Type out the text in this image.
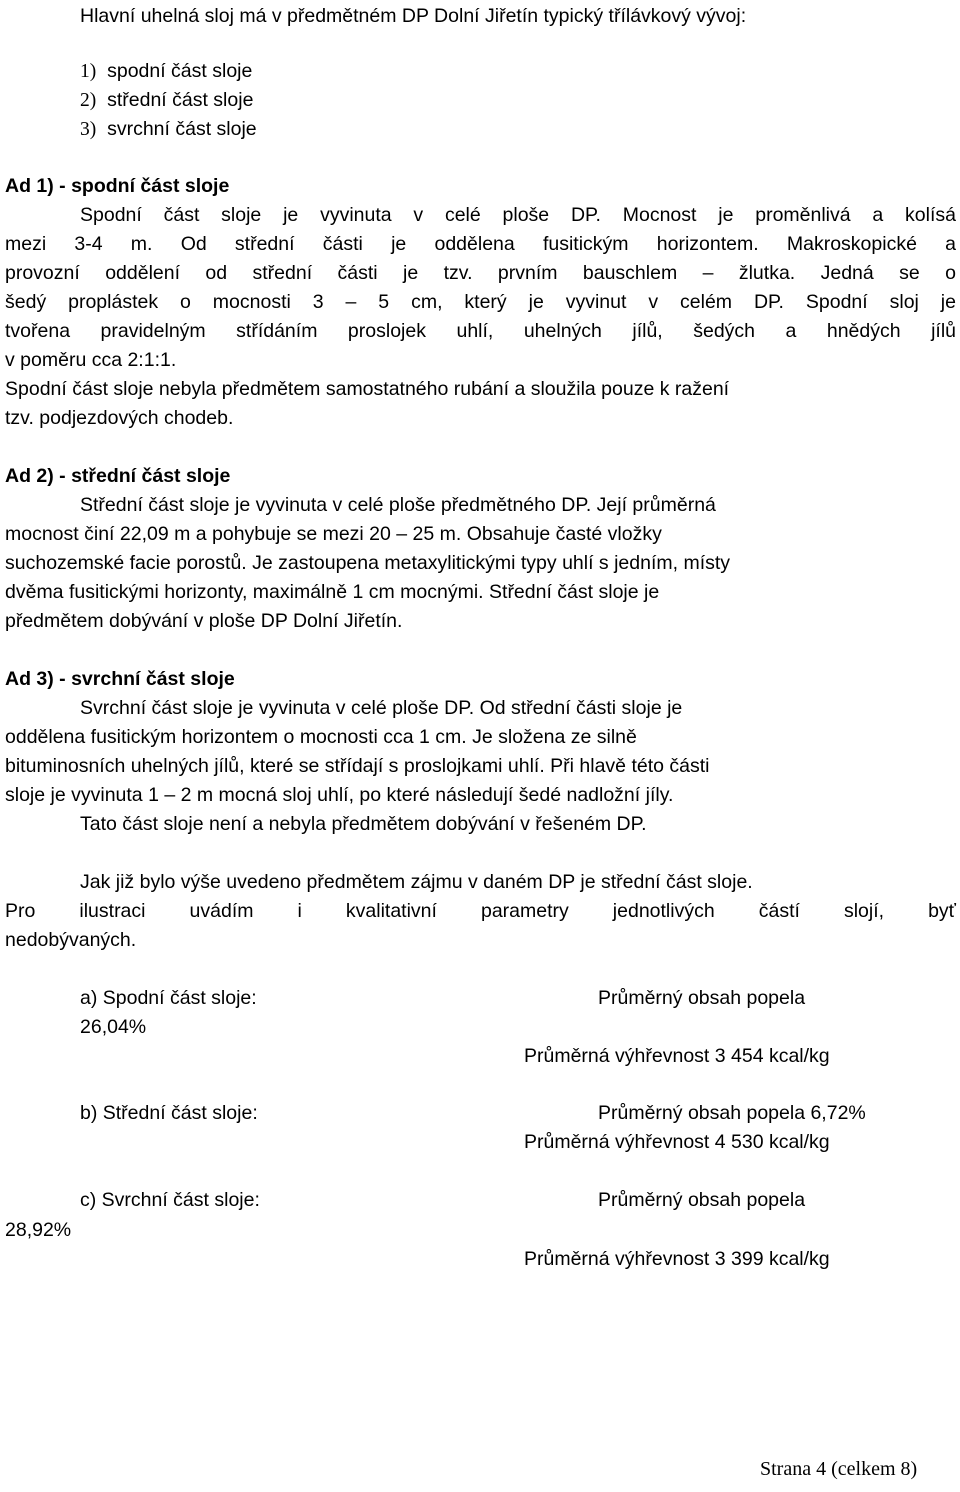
Hlavní uhelná sloj má v předmětném DP Dolní Jiřetín typický třílávkový vývoj:
1) spodní část sloje
2) střední část sloje
3) svrchní část sloje
Ad 1) - spodní část sloje
Spodní část sloje je vyvinuta v celé ploše DP. Mocnost je proměnlivá a kolísá
mezi 3-4 m. Od střední části je oddělena fusitickým horizontem. Makroskopické a
provozní oddělení od střední části je tzv. prvním bauschlem – žlutka. Jedná se o
šedý proplástek o mocnosti 3 – 5 cm, který je vyvinut v celém DP. Spodní sloj je
tvořena pravidelným střídáním proslojek uhlí, uhelných jílů, šedých a hnědých jílů
v poměru cca 2:1:1.
Spodní část sloje nebyla předmětem samostatného rubání a sloužila pouze k ražení
tzv. podjezdových chodeb.
Ad 2) - střední část sloje
Střední část sloje je vyvinuta v celé ploše předmětného DP. Její průměrná
mocnost činí 22,09 m a pohybuje se mezi 20 – 25 m. Obsahuje časté vložky
suchozemské facie porostů. Je zastoupena metaxylitickými typy uhlí s jedním, místy
dvěma fusitickými horizonty, maximálně 1 cm mocnými. Střední část sloje je
předmětem dobývání v ploše DP Dolní Jiřetín.
Ad 3) - svrchní část sloje
Svrchní část sloje je vyvinuta v celé ploše DP. Od střední části sloje je
oddělena fusitickým horizontem o mocnosti cca 1 cm. Je složena ze silně
bituminosních uhelných jílů, které se střídají s proslojkami uhlí. Při hlavě této části
sloje je vyvinuta 1 – 2 m mocná sloj uhlí, po které následují šedé nadložní jíly.
Tato část sloje není a nebyla předmětem dobývání v řešeném DP.
Jak již bylo výše uvedeno předmětem zájmu v daném DP je střední část sloje.
Pro ilustraci uvádím i kvalitativní parametry jednotlivých částí slojí, byť
nedobývaných.
a) Spodní část sloje:	Průměrný obsah popela
26,04%
Průměrná výhřevnost 3 454 kcal/kg
b) Střední část sloje:	Průměrný obsah popela 6,72%
Průměrná výhřevnost 4 530 kcal/kg
c) Svrchní část sloje:	Průměrný obsah popela
28,92%
Průměrná výhřevnost 3 399 kcal/kg
Strana 4 (celkem 8)
